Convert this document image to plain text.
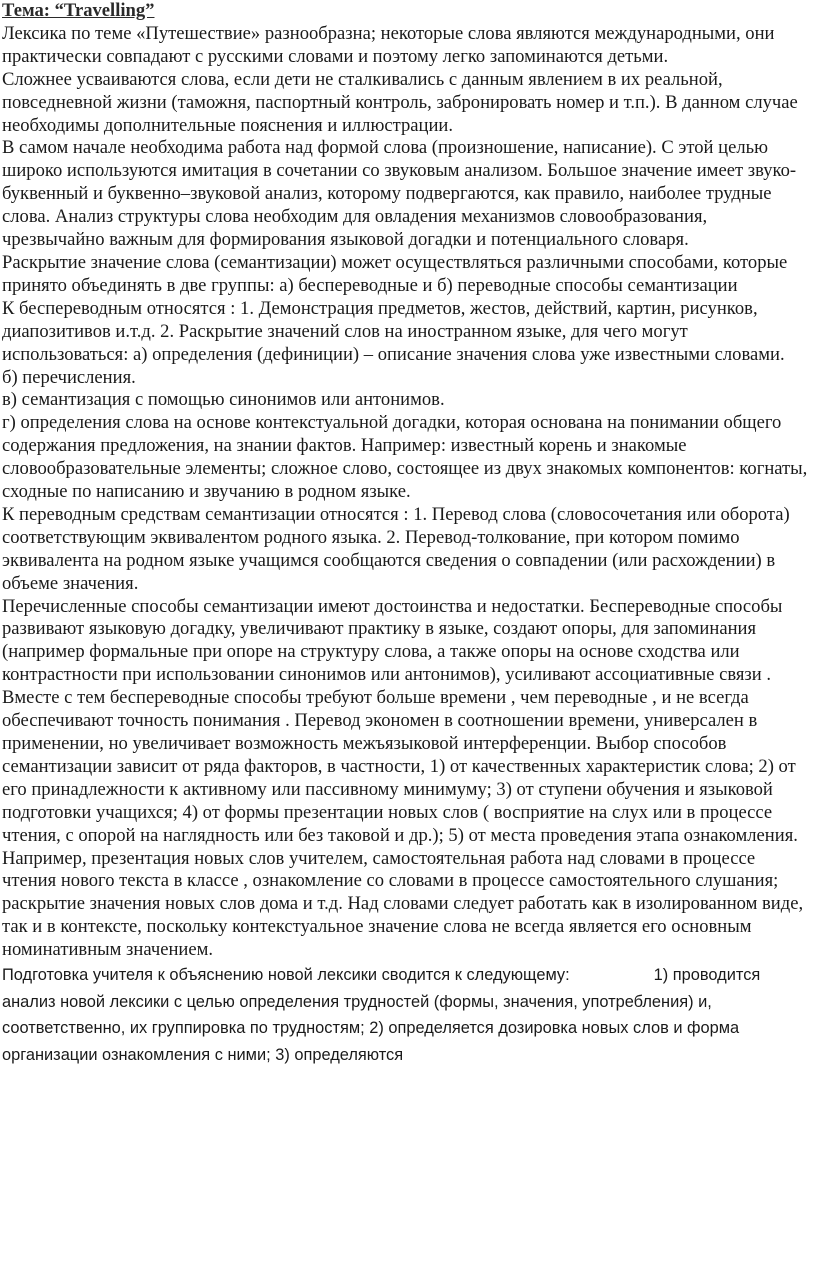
Тема: “Travelling”

Лексика по теме «Путешествие» разнообразна; некоторые слова являются международными, они практически совпадают с русскими словами и поэтому легко запоминаются детьми.

Сложнее усваиваются слова, если дети не сталкивались с данным явлением в их реальной, повседневной жизни (таможня, паспортный контроль, забронировать номер и т.п.). В данном случае необходимы дополнительные пояснения и иллюстрации.

В самом начале необходима работа над формой слова (произношение, написание). С этой целью широко используются имитация в сочетании со звуковым анализом. Большое значение имеет звуко-буквенный и буквенно–звуковой анализ, которому подвергаются, как правило, наиболее трудные слова. Анализ структуры слова необходим для овладения механизмов словообразования, чрезвычайно важным для формирования языковой догадки и потенциального словаря.

Раскрытие значение слова (семантизации) может осуществляться различными способами, которые принято объединять в две группы: а) беспереводные и б) переводные способы семантизации

К беспереводным относятся : 1. Демонстрация предметов, жестов, действий, картин, рисунков, диапозитивов и.т.д. 2. Раскрытие значений слов на иностранном языке, для чего могут использоваться: а) определения (дефиниции) – описание значения слова уже известными словами.

б) перечисления.

в) семантизация с помощью синонимов или антонимов.

г) определения слова на основе контекстуальной догадки, которая основана на понимании общего содержания предложения, на знании фактов. Например: известный корень и знакомые словообразовательные элементы; сложное слово, состоящее из двух знакомых компонентов: когнаты, сходные по написанию и звучанию в родном языке.

К переводным средствам семантизации относятся : 1. Перевод слова (словосочетания или оборота) соответствующим эквивалентом родного языка. 2. Перевод-толкование, при котором помимо эквивалента на родном языке учащимся сообщаются сведения о совпадении (или расхождении) в объеме значения.

Перечисленные способы семантизации имеют достоинства и недостатки. Беспереводные способы развивают языковую догадку, увеличивают практику в языке, создают опоры, для запоминания (например формальные при опоре на структуру слова, а также опоры на основе сходства или контрастности при использовании синонимов или антонимов), усиливают ассоциативные связи . Вместе с тем беспереводные способы требуют больше времени , чем переводные , и не всегда обеспечивают точность понимания . Перевод экономен в соотношении времени, универсален в применении, но увеличивает возможность межъязыковой интерференции. Выбор способов семантизации зависит от ряда факторов, в частности, 1) от качественных характеристик слова; 2) от его принадлежности к активному или пассивному минимуму; 3) от ступени обучения и языковой подготовки учащихся; 4) от формы презентации новых слов ( восприятие на слух или в процессе чтения, с опорой на наглядность или без таковой и др.); 5) от места проведения этапа ознакомления. Например, презентация новых слов учителем, самостоятельная работа над словами в процессе чтения нового текста в классе , ознакомление со словами в процессе самостоятельного слушания; раскрытие значения новых слов дома и т.д. Над словами следует работать как в изолированном виде, так и в контексте, поскольку контекстуальное значение слова не всегда является его основным номинативным значением.

Подготовка учителя к объяснению новой лексики сводится к следующему:	1) проводится анализ новой лексики с целью определения трудностей (формы, значения, употребления) и, соответственно, их группировка по трудностям; 2) определяется дозировка новых слов и форма организации ознакомления с ними; 3) определяются
